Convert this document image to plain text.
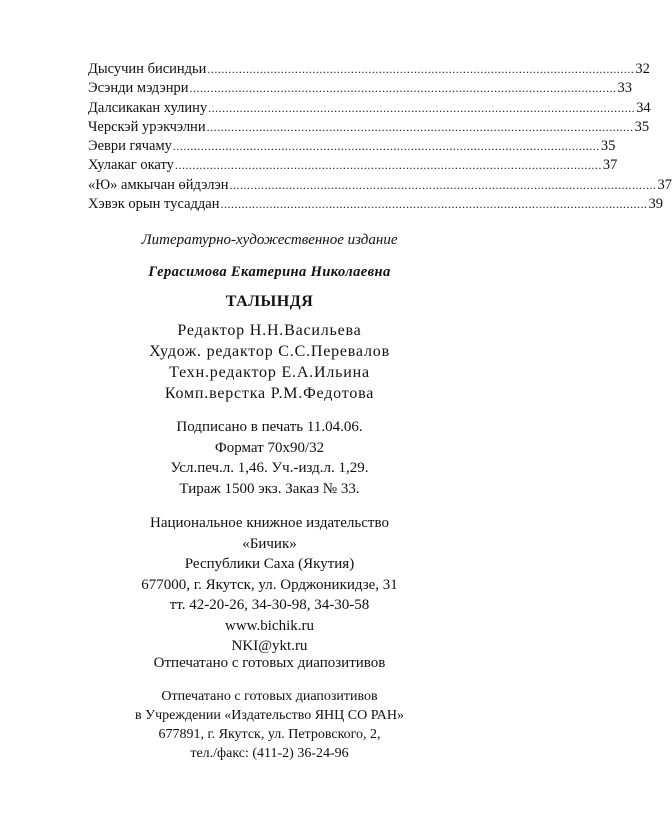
Дысучин бисиндьи .......................................................................................................................... 32
Эсэнди мэдэнри .......................................................................................................................... 33
Далсикакан хулину .......................................................................................................................... 34
Черскэй урэкчэлни .......................................................................................................................... 35
Эеври гячаму .......................................................................................................................... 35
Хулакаг окату .......................................................................................................................... 37
«Ю» амкычан өйдэлэн .......................................................................................................................... 37
Хэвэк орын тусаддан .......................................................................................................................... 39
Литературно-художественное издание
Герасимова Екатерина Николаевна
ТАЛЫНДЯ
Редактор Н.Н.Васильева
Худож. редактор С.С.Перевалов
Техн.редактор Е.А.Ильина
Комп.верстка Р.М.Федотова
Подписано в печать 11.04.06.
Формат 70х90/32
Усл.печ.л. 1,46. Уч.-изд.л. 1,29.
Тираж 1500 экз. Заказ № 33.
Национальное книжное издательство
«Бичик»
Республики Саха (Якутия)
677000, г. Якутск, ул. Орджоникидзе, 31
тт. 42-20-26, 34-30-98, 34-30-58
www.bichik.ru
NKI@ykt.ru
Отпечатано с готовых диапозитивов
Отпечатано с готовых диапозитивов
в Учреждении «Издательство ЯНЦ СО РАН»
677891, г. Якутск, ул. Петровского, 2,
тел./факс: (411-2) 36-24-96
